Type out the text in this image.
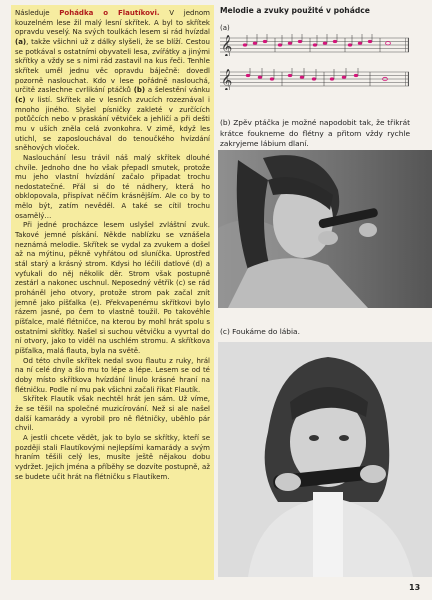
Následuje Pohádka o Flautíkovi. V jednom kouzelném lese žil malý lesní skřítek. A byl to skřítek opravdu veselý. Na svých toulkách lesem si rád hvízdal (a), takže všichni už z dálky slyšeli, že se blíží. Cestou se potkával s ostatními obyvateli lesa, zvířátky a jinými skřítky a vždy se s nimi rád zastavil na kus řeči. Tenhle skřítek uměl jednu věc opravdu báječně: dovedl pozorně naslouchat. Kdo v lese pořádně naslouchá, určitě zaslechne cvrlikání ptáčků (b) a šelestění vánku (c) v listí. Skřítek ale v lesních zvucích rozeznával i mnoho jiného. Slyšel písničky zakleté v zurčících potůčcích nebo v praskání větviček a jehličí a při dešti mu v uších zněla celá zvonkohra. V zimě, když les utichl, se zaposlouchával do tenoučkého hvízdání sněhových vloček.

Naslouchání lesu trávil náš malý skřítek dlouhé chvíle. Jednoho dne ho však přepadl smutek, protože mu jeho vlastní hvízdání začalo připadat trochu nedostatečné. Přál si do té nádhery, která ho obklopovala, přispívat něčím krásnějším. Ale co by to mělo být, zatím nevěděl. A také se cítil trochu osamělý…

Při jedné procházce lesem uslyšel zvláštní zvuk. Takové jemné pískání. Někde nablízku se vznášela neznámá melodie. Skřítek se vydal za zvukem a došel až na mýtinu, pěkně vyhřátou od sluníčka. Uprostřed stál starý a krásný strom. Kdysi ho léčili datlové (d) a vyťukali do něj několik děr. Strom však postupně zestárl a nakonec uschnul. Neposedný větřík (c) se rád proháněl jeho otvory, protože strom pak začal znít jemně jako píšťalka (e). Překvapenému skřítkovi bylo rázem jasné, po čem to vlastně toužil. Po takovéhle píšťalce, malé flétničce, na kterou by mohl hrát spolu s ostatními skřítky. Našel si suchou větvičku a vyvrtal do ní otvory, jako to viděl na uschlém stromu. A skřítkova píšťalka, malá flauta, byla na světě.

Od této chvíle skřítek nedal svou flautu z ruky, hrál na ní celé dny a šlo mu to lépe a lépe. Lesem se od té doby místo skřítkova hvízdání linulo krásné hraní na flétničku. Podle ní mu pak všichni začali říkat Flautík.

Skřítek Flautík však nechtěl hrát jen sám. Už víme, že se těšil na společné muzicírování. Než si ale našel další kamarády a vyrobil pro ně flétničky, uběhlo pár chvil.

A jestli chcete vědět, jak to bylo se skřítky, kteří se později stali Flautíkovými nejlepšími kamarády a svým hraním těšili celý les, musíte ještě nějakou dobu vydržet. Jejich jména a příběhy se dozvíte postupně, až se budete učit hrát na flétničku s Flautíkem.

Melodie a zvuky použité v pohádce
(a)
𝄞
𝄞
(b) Zpěv ptáčka je možné napodobit tak, že třikrát krátce foukneme do flétny a přitom vždy rychle zakryjeme lábium dlaní.
(c) Foukáme do lábia.
13
